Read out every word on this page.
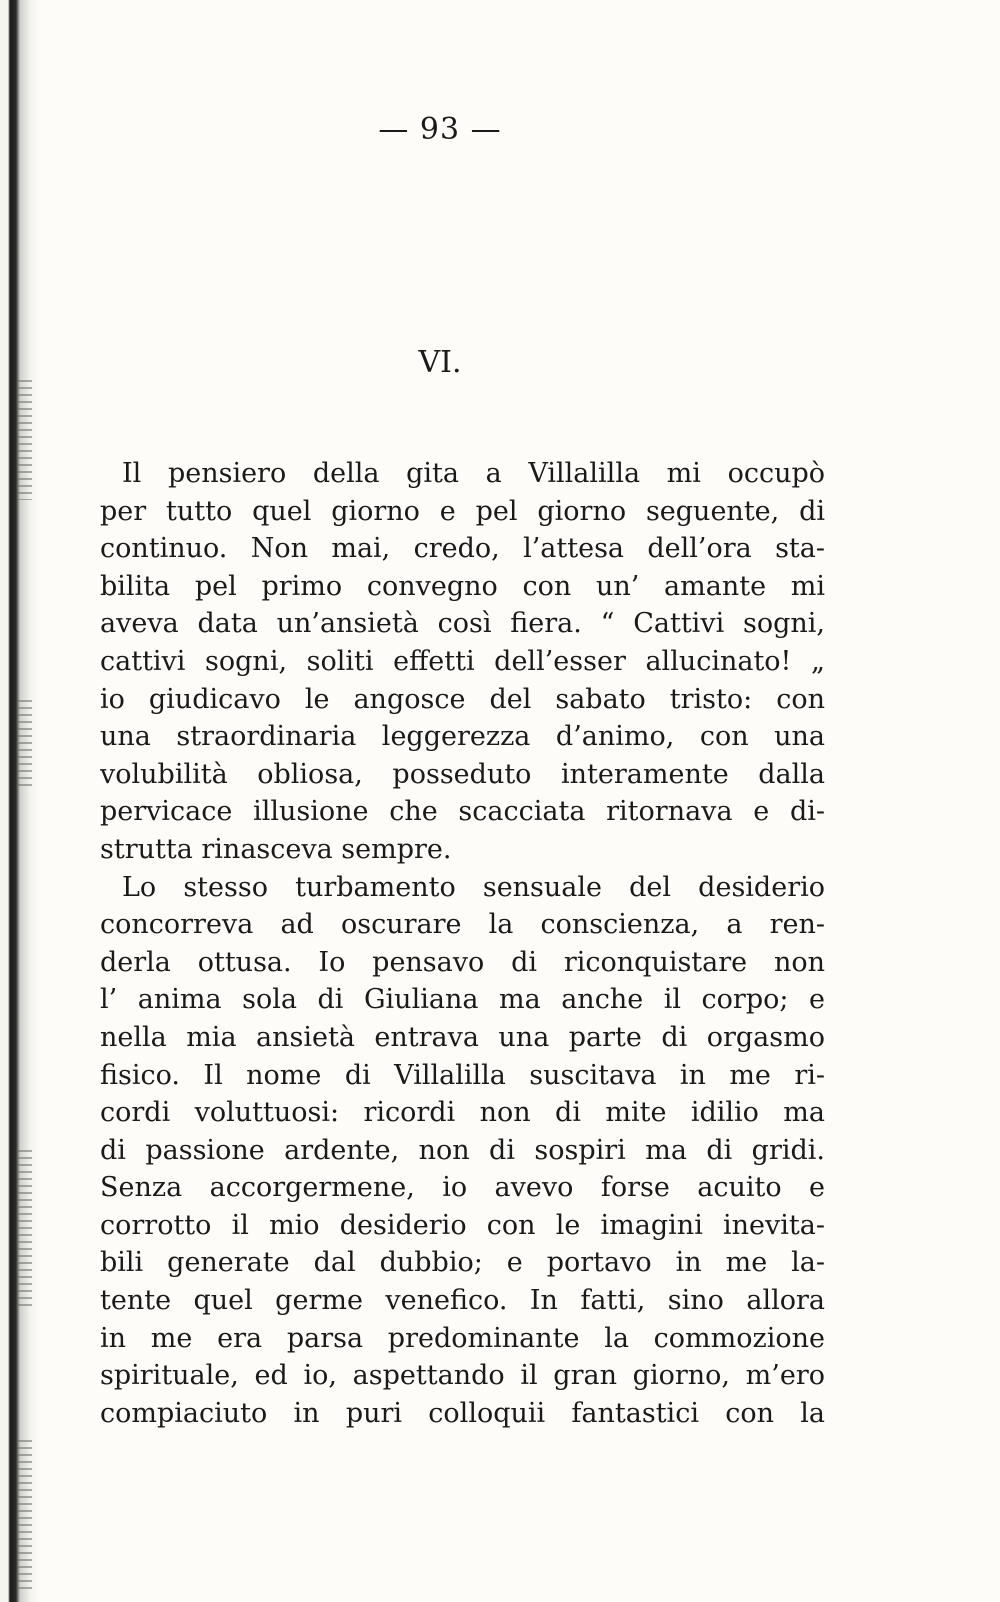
— 93 —
VI.
Il pensiero della gita a Villalilla mi occupò
per tutto quel giorno e pel giorno seguente, di
continuo. Non mai, credo, l’attesa dell’ora sta-
bilita pel primo convegno con un’ amante mi
aveva data un’ansietà così fiera. “ Cattivi sogni,
cattivi sogni, soliti effetti dell’esser allucinato! „
io giudicavo le angosce del sabato tristo: con
una straordinaria leggerezza d’animo, con una
volubilità obliosa, posseduto interamente dalla
pervicace illusione che scacciata ritornava e di-
strutta rinasceva sempre.
Lo stesso turbamento sensuale del desiderio
concorreva ad oscurare la conscienza, a ren-
derla ottusa. Io pensavo di riconquistare non
l’ anima sola di Giuliana ma anche il corpo; e
nella mia ansietà entrava una parte di orgasmo
fisico. Il nome di Villalilla suscitava in me ri-
cordi voluttuosi: ricordi non di mite idilio ma
di passione ardente, non di sospiri ma di gridi.
Senza accorgermene, io avevo forse acuito e
corrotto il mio desiderio con le imagini inevita-
bili generate dal dubbio; e portavo in me la-
tente quel germe venefico. In fatti, sino allora
in me era parsa predominante la commozione
spirituale, ed io, aspettando il gran giorno, m’ero
compiaciuto in puri colloquii fantastici con la
